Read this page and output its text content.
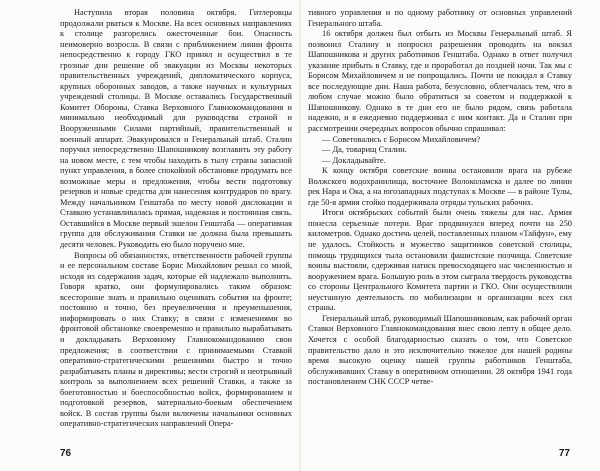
Наступила вторая половина октября. Гитлеровцы продолжали рваться к Москве. На всех основных направлениях к столице разгорелись ожесточенные бои. Опасность неимоверно возросла. В связи с приближением линии фронта непосредственно к городу ГКО принял и осуществил в те грозные дни решение об эвакуации из Москвы некоторых правительственных учреждений, дипломатического корпуса, крупных оборонных заводов, а также научных и культурных учреждений столицы. В Москве оставались Государственный Комитет Обороны, Ставка Верховного Главнокомандования и минимально необходимый для руководства страной и Вооруженными Силами партийный, правительственный и военный аппарат. Эвакуировался и Генеральный штаб. Сталин поручил непосредственно Шапошникову возглавить эту работу на новом месте, с тем чтобы находить в тылу страны запасной пункт управления, в более спокойной обстановке продумать все возможные меры и предложения, чтобы вести подготовку резервов и новые средства для нанесения контрударов по врагу. Между начальником Генштаба по месту новой дислокации и Ставкою устанавливалась прямая, надежная и постоянная связь. Оставшийся в Москве первый эшелон Генштаба — оперативная группа для обслуживания Ставки не должна была превышать десяти человек. Руководить ею было поручено мне.

Вопросы об обязанностях, ответственности рабочей группы и ее персональном составе Борис Михайлович решал со мной, исходя из содержания задач, которые ей надлежало выполнять. Говоря кратко, они формулировались таким образом: всесторонне знать и правильно оценивать события на фронте; постоянно и точно, без преувеличения и преуменьшения, информировать о них Ставку; в связи с изменениями во фронтовой обстановке своевременно и правильно вырабатывать и докладывать Верховному Главнокомандованию свои предложения; в соответствии с принимаемыми Ставкой оперативно-стратегическими решениями быстро и точно разрабатывать планы и директивы; вести строгий и неотрывный контроль за выполнением всех решений Ставки, а также за боеготовностью и боеспособностью войск, формированием и подготовкой резервов, материально-боевым обеспечением войск. В состав группы были включены начальники основных оперативно-стратегических направлений Опера-

76

тивного управления и по одному работнику от основных управлений Генерального штаба.

16 октября должен был отбыть из Москвы Генеральный штаб. Я позвонил Сталину и попросил разрешения проводить на вокзал Шапошникова и других работников Генштаба. Однако в ответ получил указание прибыть в Ставку, где и проработал до поздней ночи. Так мы с Борисом Михайловичем и не попрощались. Почти не покидал я Ставку все последующие дни. Наша работа, безусловно, облегчалась тем, что в любом случае можно было обратиться за советом и поддержкой к Шапошникову. Однако в те дни его не было рядом, связь работала надежно, и я ежедневно поддерживал с ним контакт. Да и Сталин при рассмотрении очередных вопросов обычно спрашивал:

— Советовались с Борисом Михайловичем?

— Да, товарищ Сталин.

— Докладывайте.

К концу октября советские воины остановили врага на рубеже Волжского водохранилища, восточнее Волоколамска и далее по линии рек Нара и Ока, а на югозападных подступах к Москве — в районе Тулы, где 50-я армия стойко поддерживала отряды тульских рабочих.

Итоги октябрьских событий были очень тяжелы для нас. Армия понесла серьезные потери. Враг продвинулся вперед почти на 250 километров. Однако достичь целей, поставленных планом «Тайфун», ему не удалось. Стойкость и мужество защитников советской столицы, помощь трудящихся тыла остановили фашистские полчища. Советские воины выстояли, сдерживая натиск превосходящего нас численностью и вооружением врага. Большую роль в этом сыграла твердость руководства со стороны Центрального Комитета партии и ГКО. Они осуществляли неустанную деятельность по мобилизации и организации всех сил страны.

Генеральный штаб, руководимый Шапошниковым, как рабочий орган Ставки Верховного Главнокомандования внес свою лепту в общее дело. Хочется с особой благодарностью сказать о том, что Советское правительство дало и это исключительно тяжелое для нашей родины время высокую оценку нашей группы работников Генштаба, обслуживавших Ставку в оперативном отношении. 28 октября 1941 года постановлением СНК СССР четве-

77
